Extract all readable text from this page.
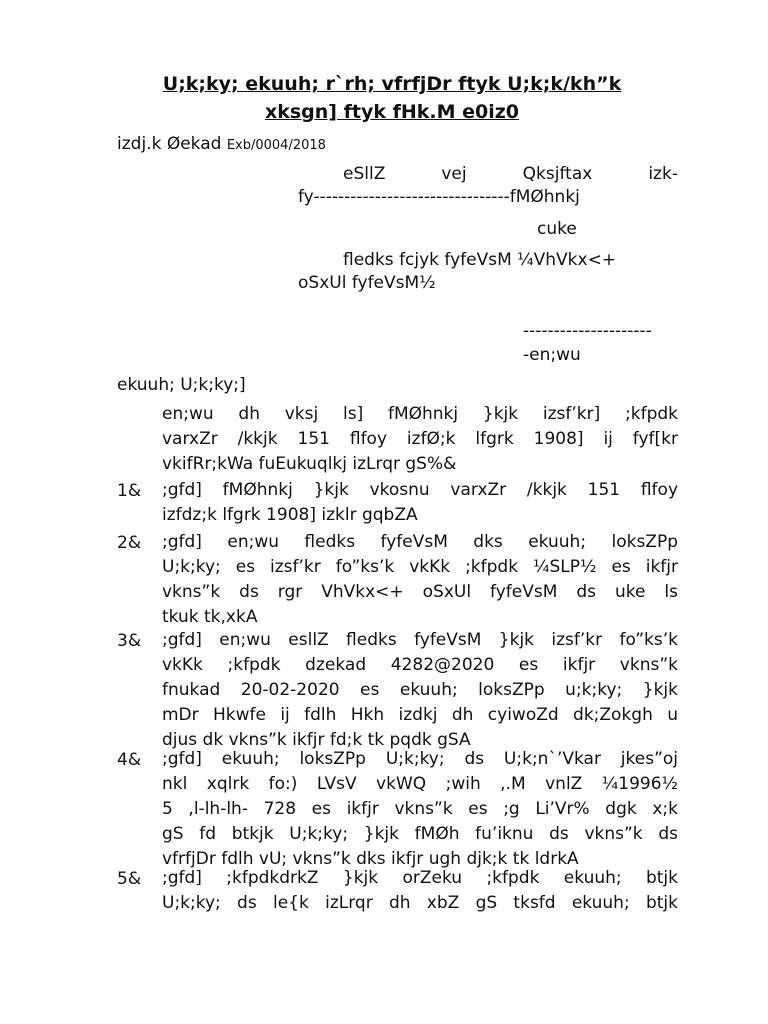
U;k;ky; ekuuh; r`rh; vfrfjDr ftyk U;k;k/kh”k
xksgn] ftyk fHk.M e0iz0
izdj.k Øekad Exb/0004/2018
eSllZ	vej	Qksjftax	izk-
fy--------------------------------fMØhnkj
cuke
fledks fcjyk fyfeVsM ¼VhVkx<+
oSxUl fyfeVsM½
---------------------
-en;wu
ekuuh; U;k;ky;]
en;wu dh vksj ls] fMØhnkj }kjk izsf’kr] ;kfpdk
varxZr /kkjk 151 flfoy izfØ;k lfgrk 1908] ij fyf[kr
vkifRr;kWa fuEukuqlkj izLrqr gS%&
1& ;gfd] fMØhnkj }kjk vkosnu varxZr /kkjk 151 flfoy
izfdz;k lfgrk 1908] izklr gqbZA
2& ;gfd] en;wu fledks fyfeVsM dks ekuuh; loksZPp
U;k;ky; es izsf’kr fo”ks’k vkKk ;kfpdk ¼SLP½ es ikfjr
vkns”k ds rgr VhVkx<+ oSxUl fyfeVsM ds uke ls
tkuk tk,xkA
3& ;gfd] en;wu esllZ fledks fyfeVsM }kjk izsf’kr fo”ks’k
vkKk ;kfpdk dzekad 4282@2020 es ikfjr vkns”k
fnukad 20-02-2020 es ekuuh; loksZPp u;k;ky; }kjk
mDr Hkwfe ij fdlh Hkh izdkj dh cyiwoZd dk;Zokgh u
djus dk vkns”k ikfjr fd;k tk pqdk gSA
4& ;gfd] ekuuh; loksZPp U;k;ky; ds U;k;n`’Vkar jkes”oj
nkl xqlrk fo:) LVsV vkWQ ;wih ,.M vnlZ ¼1996½
5 ,l-lh-lh- 728 es ikfjr vkns”k es ;g Li’Vr% dgk x;k
gS fd btkjk U;k;ky; }kjk fMØh fu’iknu ds vkns”k ds
vfrfjDr fdlh vU; vkns”k dks ikfjr ugh djk;k tk ldrkA
5& ;gfd] ;kfpdkdrkZ }kjk orZeku ;kfpdk ekuuh; btjk
U;k;ky; ds le{k izLrqr dh xbZ gS tksfd ekuuh; btjk
